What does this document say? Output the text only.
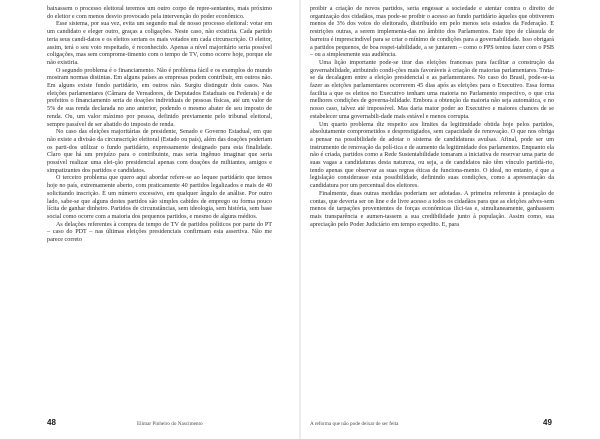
baixassem o processo eleitoral teremos um outro corpo de repre-sentantes, mais próximo do eleitor e com menos desvio provocado pela intervenção do poder econômico.

Esse sistema, por sua vez, evita um segundo mal de nosso processo eleitoral: votar em um candidato e eleger outro, graças a coligações. Neste caso, não existiria. Cada partido teria seus candi-datos e os eleitos seriam os mais votados em cada circunscrição. O eleitor, assim, terá o seu voto respeitado, é reconhecido. Apenas a nível majoritário seria possível coligações, mas sem comprome-timento com o tempo de TV, como ocorre hoje, porque ele não existiria.

O segundo problema é o financiamento. Não é problema fácil e os exemplos do mundo mostram normas distintas. Em alguns países as empresas podem contribuir, em outros não. Em alguns existe fundo partidário, em outros não. Surgiu distinguir dois casos. Nas eleições parlamentares (Câmara de Vereadores, de Deputados Estaduais ou Federais) e de prefeitos o financiamento seria de doações individuais de pessoas físicas, até um valor de 5% de sua renda declarada no ano anterior, podendo o mesmo abater de seu imposto de renda. Ou, um valor máximo por pessoa, definido previamente pelo tribunal eleitoral, sempre passível de ser abatido do imposto de renda.

No caso das eleições majoritárias de presidente, Senado e Governo Estadual, em que não existe a divisão da circunscrição eleitoral (Estado ou país), além das doações poderiam os parti-dos utilizar o fundo partidário, expressamente designado para esta finalidade. Claro que há um prejuízo para o contribuinte, mas seria ingênuo imaginar que seria possível realizar uma elei-ção presidencial apenas com doações de militantes, amigos e simpatizantes dos partidos e candidatos.

O terceiro problema que quero aqui abordar refere-se ao lequee partidário que temos hoje no país, extremamente aberto, com praticamente 40 partidos legalizados e mais de 40 solicitando inscrição. É um número excessivo, em qualquer ângulo de análise. Por outro lado, sabe-se que alguns destes partidos são simples cabides de emprego ou forma pouco lícita de ganhar dinheiro. Partidos de circunstâncias, sem ideologia, sem história, sem base social como ocorre com a maioria dos pequenos partidos, e mesmo de alguns médios.

As delações referentes à compra de tempo de TV de partidos políticos por parte do PT – caso do PDT – nas últimas eleições presidenciais confirmam esta assertiva. Não me parece correto

48	Elimar Pinheiro do Nascimento

proibir a criação de novos partidos, seria engessar a sociedade e atentar contra o direito de organização dos cidadãos, mas pode-se proibir o acesso ao fundo partidário àqueles que obtiverem menos de 3% dos votos do eleitorado, distribuído em pelo menos seis estados da Federação. E restrições outras, a serem implementa-das no âmbito dos Parlamentos. Este tipo de cláusula de barreira é imprescindível para se criar o mínimo de condições para a governabilidade. Isso obrigará a partidos pequenos, de boa respei-tabilidade, a se juntarem – como o PPS tentou fazer com o PSB – ou a simplesmente sua audiência.

Uma lição importante pode-se tirar das eleições francesas para facilitar a construção da governabilidade, atribuindo condi-ções mais favoráveis à criação de maiorias parlamentares. Trata-se da decalagem entre a eleição presidencial e as parlamentares. No caso do Brasil, pode-se-ia fazer as eleições parlamentares ocorrerem 45 dias após as eleições para o Executivo. Essa forma facilita a que os eleitos no Executivo tenham uma maioria no Parlamento respectivo, o que cria melhores condições de governa-bilidade. Embora a obtenção da maioria não seja automática, e no nosso caso, talvez até impossível. Mas daria maior poder ao Executivo e maiores chances de se estabelecer uma governabili-dade mais estável e menos corrupta.

Um quarto problema diz respeito aos limites da legitimidade obtida hoje pelos partidos, absolutamente comprometidos e desprestigiados, sem capacidade de renovação. O que nos obriga a pensar na possibilidade de adotar o sistema de candidaturas avulsas. Afinal, pode ser um instrumento de renovação da polí-tica e de aumento da legitimidade dos parlamentos. Enquanto ela não é criada, partidos como a Rede Sustentabilidade tomaram a iniciativa de reservar uma parte de suas vagas a candidaturas desta natureza, ou seja, a de candidatos não têm vínculo partidá-rio, tendo apenas que observar as suas regras éticas de funciona-mento. O ideal, no entanto, é que a legislação considerasse esta possibilidade, definindo suas condições, como a apresentação da candidatura por um percentual dos eleitores.

Finalmente, duas outras medidas poderiam ser adotadas. A primeira referente à prestação de contas, que deveria ser on line e de livre acesso a todos os cidadãos para que as eleições adves-sem menos de tarpações provenientes de forças econômicas ilíci-tas e, simultaneamente, ganhassem mais transparência e aumen-tassem a sua credibilidade junto à população. Assim como, sua apreciação pelo Poder Judiciário em tempo expedito. E, para

A reforma que não pode deixar de ser feita	49
